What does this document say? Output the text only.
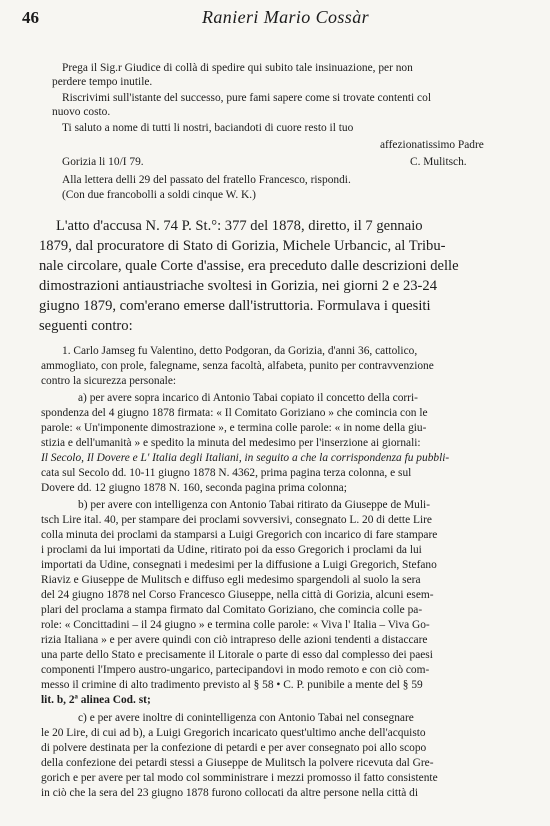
46	Ranieri Mario Cossàr
Prega il Sig.r Giudice di collà di spedire qui subito tale insinuazione, per non
perdere tempo inutile.
Riscrivimi sull'istante del successo, pure fami sapere come si trovate contenti col
nuovo costo.
Ti saluto a nome di tutti li nostri, baciandoti di cuore resto il tuo
affezionatissimo Padre
Gorizia li 10/I 79.	C. Mulitsch.
Alla lettera delli 29 del passato del fratello Francesco, rispondi.
(Con due francobolli a soldi cinque W. K.)
L'atto d'accusa N. 74 P. St.°: 377 del 1878, diretto, il 7 gennaio
1879, dal procuratore di Stato di Gorizia, Michele Urbancic, al Tribu-
nale circolare, quale Corte d'assise, era preceduto dalle descrizioni delle
dimostrazioni antiaustriache svoltesi in Gorizia, nei giorni 2 e 23-24
giugno 1879, com'erano emerse dall'istruttoria. Formulava i quesiti
seguenti contro:
1. Carlo Jamseg fu Valentino, detto Podgoran, da Gorizia, d'anni 36, cattolico,
ammogliato, con prole, falegname, senza facoltà, alfabeta, punito per contravvenzione
contro la sicurezza personale:
a) per avere sopra incarico di Antonio Tabai copiato il concetto della corri-
spondenza del 4 giugno 1878 firmata: « Il Comitato Goriziano » che comincia con le
parole: « Un'imponente dimostrazione », e termina colle parole: « in nome della giu-
stizia e dell'umanità » e spedito la minuta del medesimo per l'inserzione ai giornali:
Il Secolo, Il Dovere e L' Italia degli Italiani, in seguito a che la corrispondenza fu pubbli-
cata sul Secolo dd. 10-11 giugno 1878 N. 4362, prima pagina terza colonna, e sul
Dovere dd. 12 giugno 1878 N. 160, seconda pagina prima colonna;
b) per avere con intelligenza con Antonio Tabai ritirato da Giuseppe de Muli-
tsch Lire ital. 40, per stampare dei proclami sovversivi, consegnato L. 20 di dette Lire
colla minuta dei proclami da stamparsi a Luigi Gregorich con incarico di fare stampare
i proclami da lui importati da Udine, ritirato poi da esso Gregorich i proclami da lui
importati da Udine, consegnati i medesimi per la diffusione a Luigi Gregorich, Stefano
Riaviz e Giuseppe de Mulitsch e diffuso egli medesimo spargendoli al suolo la sera
del 24 giugno 1878 nel Corso Francesco Giuseppe, nella città di Gorizia, alcuni esem-
plari del proclama a stampa firmato dal Comitato Goriziano, che comincia colle pa-
role: « Concittadini – il 24 giugno » e termina colle parole: « Viva l' Italia – Viva Go-
rizia Italiana » e per avere quindi con ciò intrapreso delle azioni tendenti a distaccare
una parte dello Stato e precisamente il Litorale o parte di esso dal complesso dei paesi
componenti l'Impero austro-ungarico, partecipandovi in modo remoto e con ciò com-
messo il crimine di alto tradimento previsto al § 58 • C. P. punibile a mente del § 59
lit. b, 2ª alinea Cod. st;
c) e per avere inoltre di conintelligenza con Antonio Tabai nel consegnare
le 20 Lire, di cui ad b), a Luigi Gregorich incaricato quest'ultimo anche dell'acquisto
di polvere destinata per la confezione di petardi e per aver consegnato poi allo scopo
della confezione dei petardi stessi a Giuseppe de Mulitsch la polvere ricevuta dal Gre-
gorich e per avere per tal modo col somministrare i mezzi promosso il fatto consistente
in ciò che la sera del 23 giugno 1878 furono collocati da altre persone nella città di
